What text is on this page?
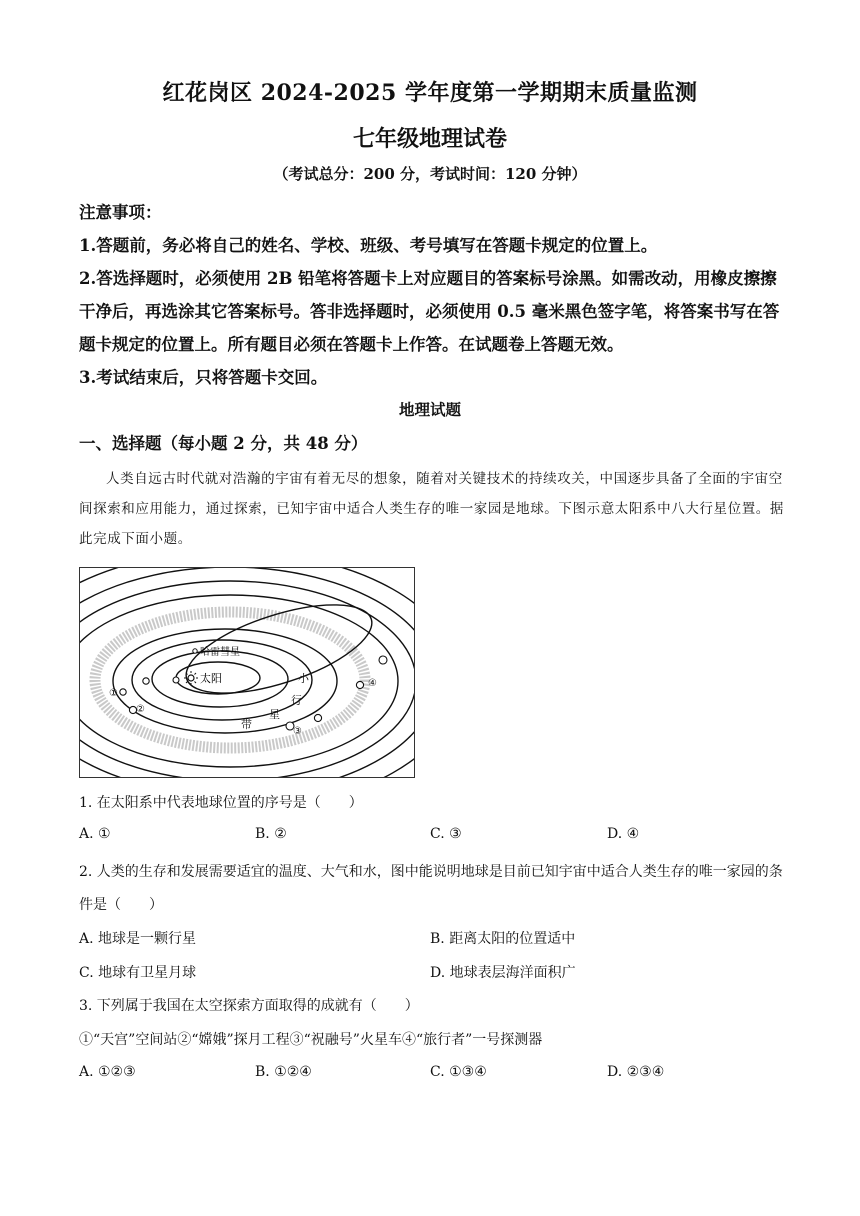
红花岗区 2024-2025 学年度第一学期期末质量监测
七年级地理试卷
（考试总分：200 分，考试时间：120 分钟）

注意事项：

1.答题前，务必将自己的姓名、学校、班级、考号填写在答题卡规定的位置上。

2.答选择题时，必须使用 2B 铅笔将答题卡上对应题目的答案标号涂黑。如需改动，用橡皮擦擦干净后，再选涂其它答案标号。答非选择题时，必须使用 0.5 毫米黑色签字笔，将答案书写在答题卡规定的位置上。所有题目必须在答题卡上作答。在试题卷上答题无效。

3.考试结束后，只将答题卡交回。

地理试题
一、选择题（每小题 2 分，共 48 分）
人类自远古时代就对浩瀚的宇宙有着无尽的想象，随着对关键技术的持续攻关，中国逐步具备了全面的宇宙空间探索和应用能力，通过探索，已知宇宙中适合人类生存的唯一家园是地球。下图示意太阳系中八大行星位置。据此完成下面小题。
太阳
哈雷彗星
①
②
③
④
小
行
星
带
1. 在太阳系中代表地球位置的序号是（　　）
A. ①	B. ②	C. ③	D. ④
2. 人类的生存和发展需要适宜的温度、大气和水，图中能说明地球是目前已知宇宙中适合人类生存的唯一家园的条件是（　　）
A. 地球是一颗行星	B. 距离太阳的位置适中
C. 地球有卫星月球	D. 地球表层海洋面积广
3. 下列属于我国在太空探索方面取得的成就有（　　）
①“天宫”空间站②“嫦娥”探月工程③“祝融号”火星车④“旅行者”一号探测器
A. ①②③	B. ①②④	C. ①③④	D. ②③④
